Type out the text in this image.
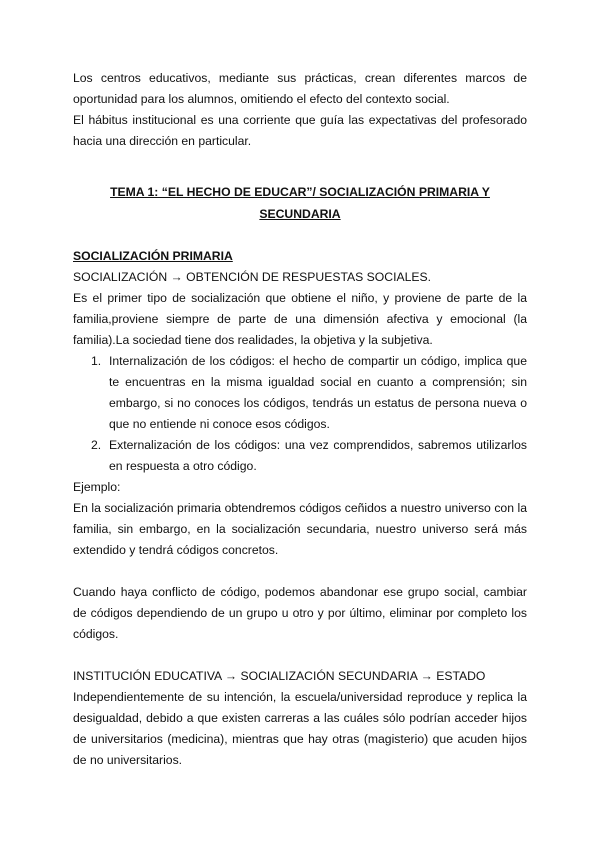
Los centros educativos, mediante sus prácticas, crean diferentes marcos de oportunidad para los alumnos, omitiendo el efecto del contexto social.

El hábitus institucional es una corriente que guía las expectativas del profesorado hacia una dirección en particular.

TEMA 1: “EL HECHO DE EDUCAR”/ SOCIALIZACIÓN PRIMARIA Y

SECUNDARIA

SOCIALIZACIÓN PRIMARIA

SOCIALIZACIÓN → OBTENCIÓN DE RESPUESTAS SOCIALES.

Es el primer tipo de socialización que obtiene el niño, y proviene de parte de la familia,proviene siempre de parte de una dimensión afectiva y emocional (la familia).La sociedad tiene dos realidades, la objetiva y la subjetiva.

1. Internalización de los códigos: el hecho de compartir un código, implica que te encuentras en la misma igualdad social en cuanto a comprensión; sin embargo, si no conoces los códigos, tendrás un estatus de persona nueva o que no entiende ni conoce esos códigos.
2. Externalización de los códigos: una vez comprendidos, sabremos utilizarlos en respuesta a otro código.

Ejemplo:

En la socialización primaria obtendremos códigos ceñidos a nuestro universo con la familia, sin embargo, en la socialización secundaria, nuestro universo será más extendido y tendrá códigos concretos.

Cuando haya conflicto de código, podemos abandonar ese grupo social, cambiar de códigos dependiendo de un grupo u otro y por último, eliminar por completo los códigos.

INSTITUCIÓN EDUCATIVA → SOCIALIZACIÓN SECUNDARIA → ESTADO

Independientemente de su intención, la escuela/universidad reproduce y replica la desigualdad, debido a que existen carreras a las cuáles sólo podrían acceder hijos de universitarios (medicina), mientras que hay otras (magisterio) que acuden hijos de no universitarios.
